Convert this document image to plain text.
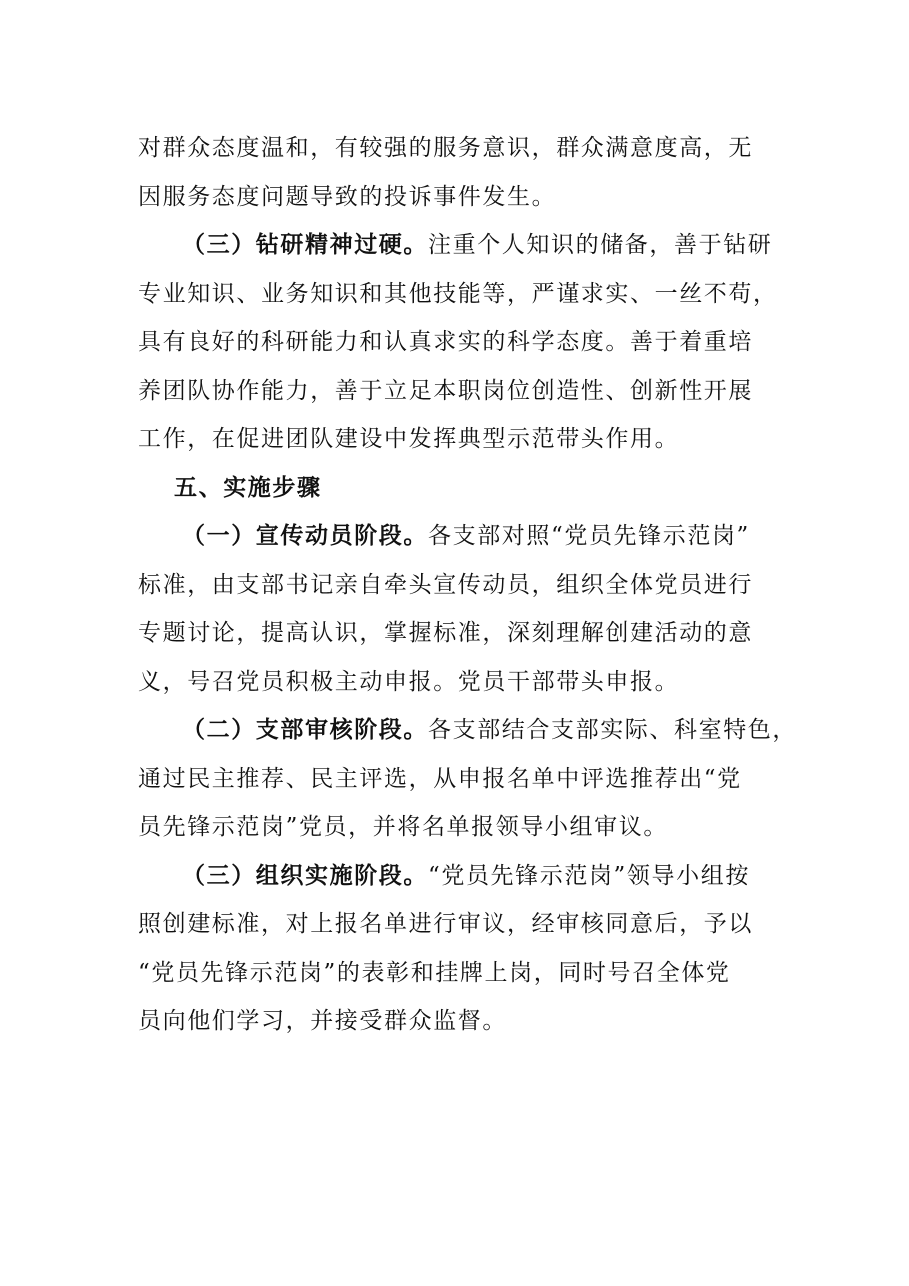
对群众态度温和，有较强的服务意识，群众满意度高，无
因服务态度问题导致的投诉事件发生。

（三）钻研精神过硬。注重个人知识的储备，善于钻研
专业知识、业务知识和其他技能等，严谨求实、一丝不苟，
具有良好的科研能力和认真求实的科学态度。善于着重培
养团队协作能力，善于立足本职岗位创造性、创新性开展
工作，在促进团队建设中发挥典型示范带头作用。

五、实施步骤

（一）宣传动员阶段。各支部对照“党员先锋示范岗”
标准，由支部书记亲自牵头宣传动员，组织全体党员进行
专题讨论，提高认识，掌握标准，深刻理解创建活动的意
义，号召党员积极主动申报。党员干部带头申报。

（二）支部审核阶段。各支部结合支部实际、科室特色，
通过民主推荐、民主评选，从申报名单中评选推荐出“党
员先锋示范岗”党员，并将名单报领导小组审议。

（三）组织实施阶段。“党员先锋示范岗”领导小组按
照创建标准，对上报名单进行审议，经审核同意后，予以
“党员先锋示范岗”的表彰和挂牌上岗，同时号召全体党
员向他们学习，并接受群众监督。
